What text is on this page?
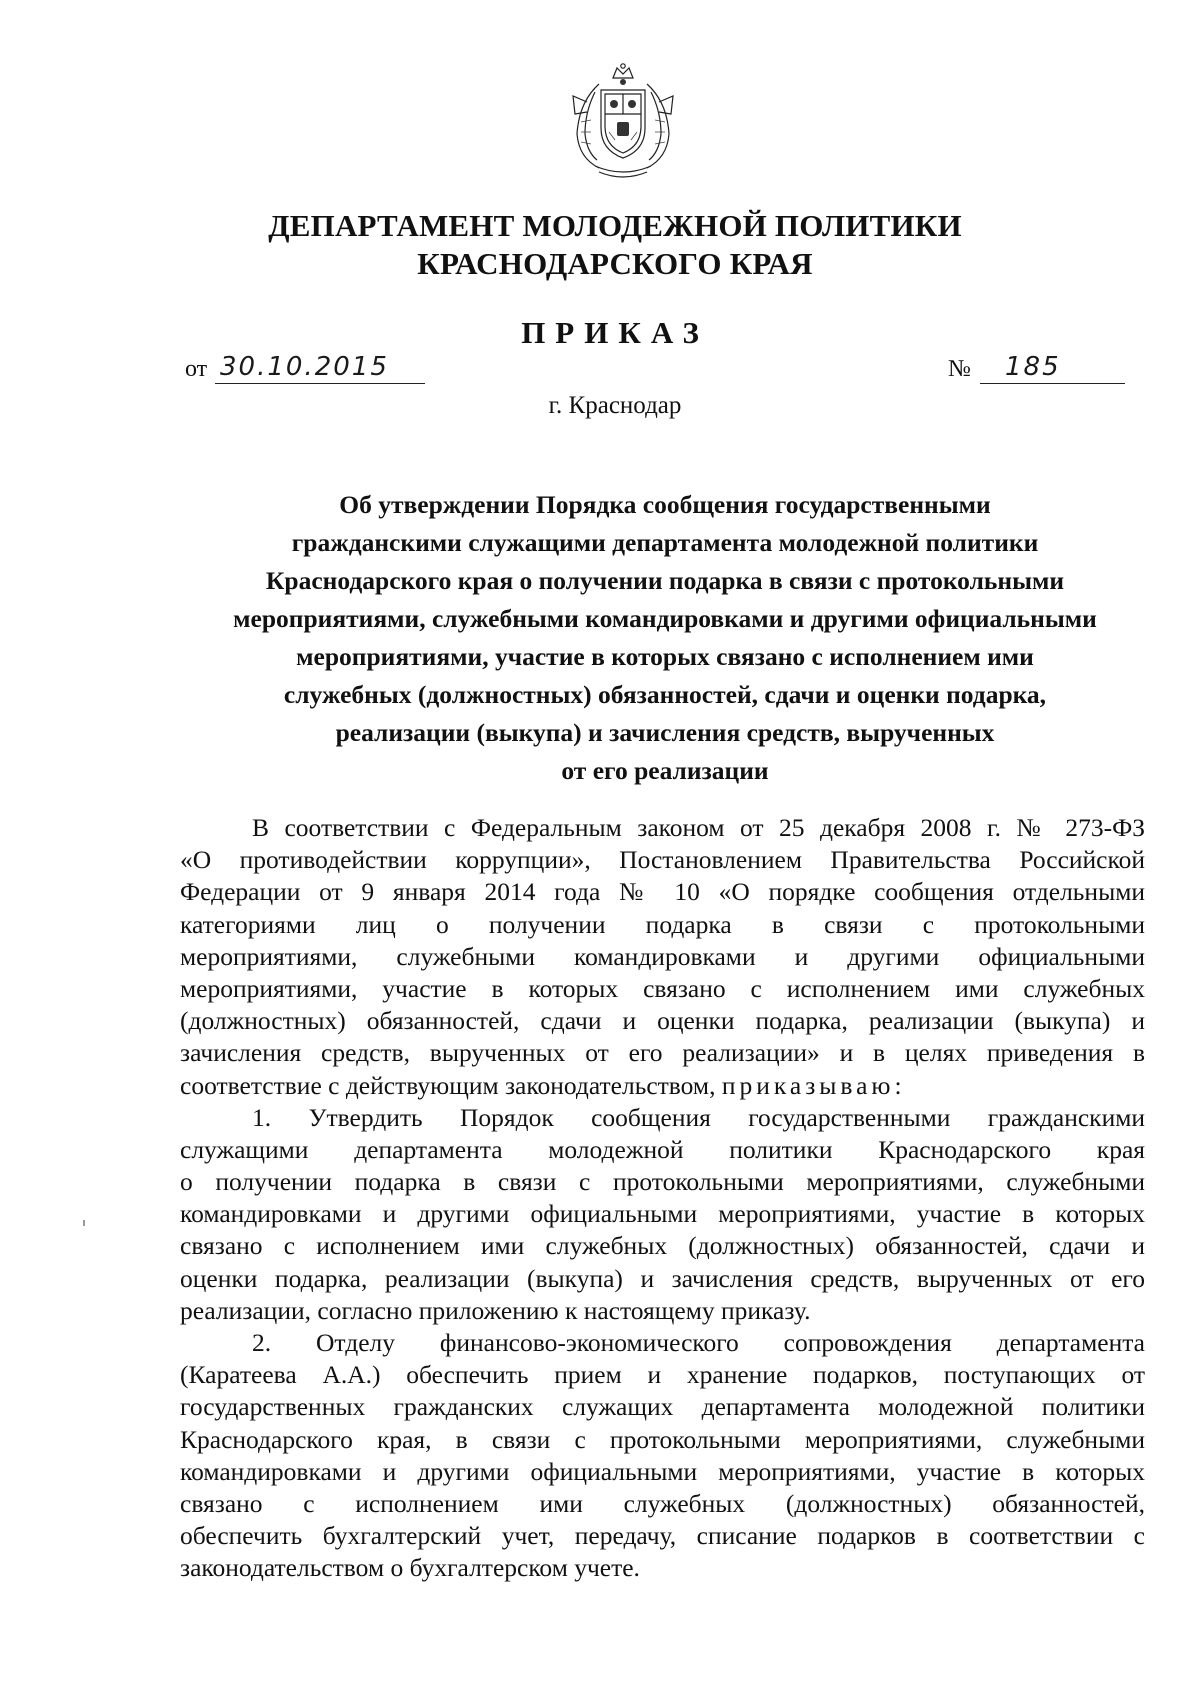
ДЕПАРТАМЕНТ МОЛОДЕЖНОЙ ПОЛИТИКИ
КРАСНОДАРСКОГО КРАЯ
ПРИКАЗ
от 30.10.2015	№ 185
г. Краснодар
Об утверждении Порядка сообщения государственными
гражданскими служащими департамента молодежной политики
Краснодарского края о получении подарка в связи с протокольными
мероприятиями, служебными командировками и другими официальными
мероприятиями, участие в которых связано с исполнением ими
служебных (должностных) обязанностей, сдачи и оценки подарка,
реализации (выкупа) и зачисления средств, вырученных
от его реализации
В соответствии с Федеральным законом от 25 декабря 2008 г. № 273-ФЗ
«О противодействии коррупции», Постановлением Правительства Российской
Федерации от 9 января 2014 года № 10 «О порядке сообщения отдельными
категориями лиц о получении подарка в связи с протокольными
мероприятиями, служебными командировками и другими официальными
мероприятиями, участие в которых связано с исполнением ими служебных
(должностных) обязанностей, сдачи и оценки подарка, реализации (выкупа) и
зачисления средств, вырученных от его реализации» и в целях приведения в
соответствие с действующим законодательством, приказываю:
1. Утвердить Порядок сообщения государственными гражданскими
служащими департамента молодежной политики Краснодарского края
о получении подарка в связи с протокольными мероприятиями, служебными
командировками и другими официальными мероприятиями, участие в которых
связано с исполнением ими служебных (должностных) обязанностей, сдачи и
оценки подарка, реализации (выкупа) и зачисления средств, вырученных от его
реализации, согласно приложению к настоящему приказу.
2. Отделу финансово-экономического сопровождения департамента
(Каратеева А.А.) обеспечить прием и хранение подарков, поступающих от
государственных гражданских служащих департамента молодежной политики
Краснодарского края, в связи с протокольными мероприятиями, служебными
командировками и другими официальными мероприятиями, участие в которых
связано с исполнением ими служебных (должностных) обязанностей,
обеспечить бухгалтерский учет, передачу, списание подарков в соответствии с
законодательством о бухгалтерском учете.
